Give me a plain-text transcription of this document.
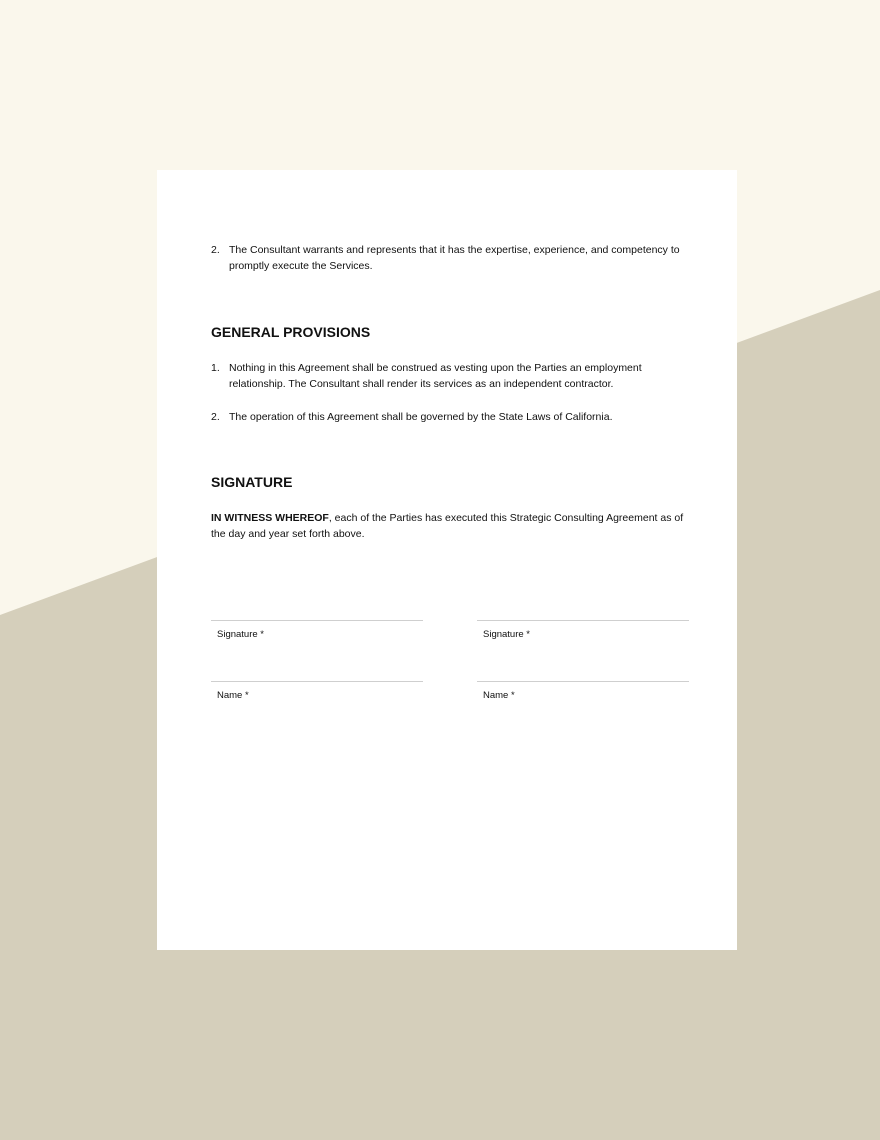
2. The Consultant warrants and represents that it has the expertise, experience, and competency to promptly execute the Services.
GENERAL PROVISIONS
1. Nothing in this Agreement shall be construed as vesting upon the Parties an employment relationship. The Consultant shall render its services as an independent contractor.
2. The operation of this Agreement shall be governed by the State Laws of California.
SIGNATURE
IN WITNESS WHEREOF, each of the Parties has executed this Strategic Consulting Agreement as of the day and year set forth above.
Signature *
Name *
Signature *
Name *
